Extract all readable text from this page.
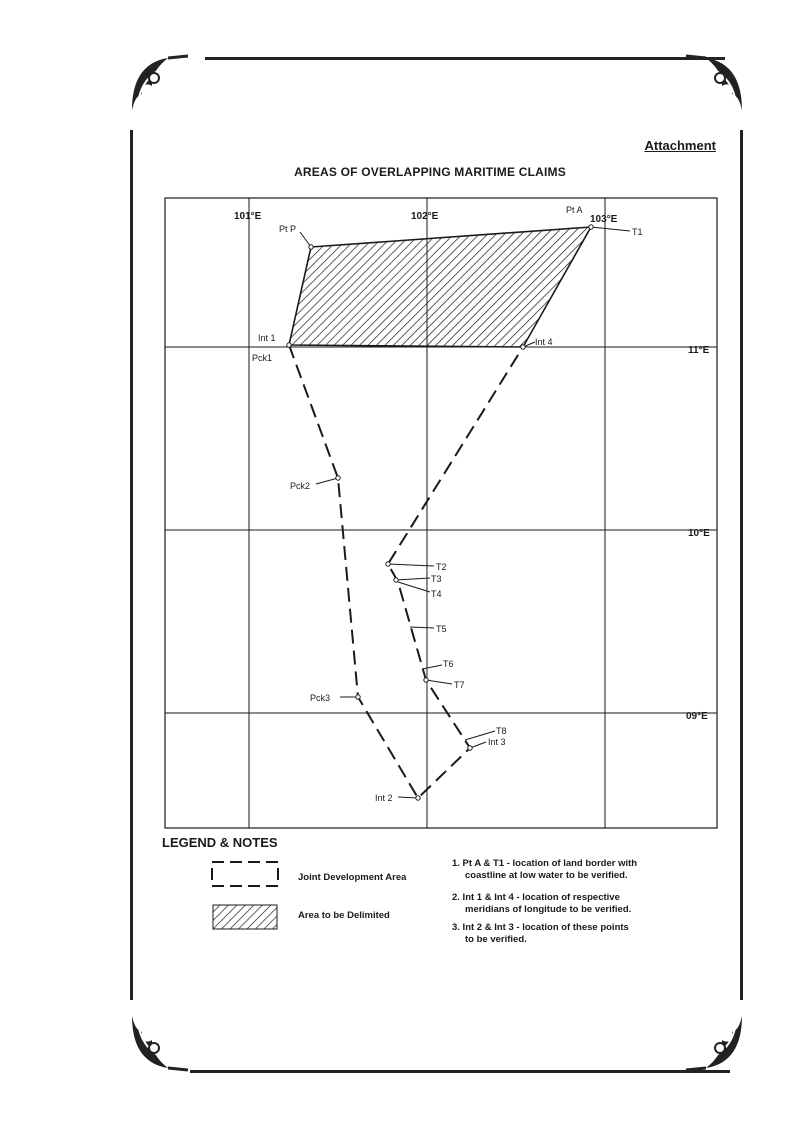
Attachment
AREAS OF OVERLAPPING MARITIME CLAIMS
101°E	102°E	103°E
11°E
10°E
09°E
Pt A
Pt P	T1
Int 1
Pck1
Int 4
Pck2
T2
T3
T4
T5
T6
T7
Pck3
T8
Int 3
Int 2
LEGEND & NOTES
Joint Development Area
Area to be Delimited
1. Pt A & T1 - location of land border with
coastline at low water to be verified.
2. Int 1 & Int 4 - location of respective
meridians of longitude to be verified.
3. Int 2 & Int 3 - location of these points
to be verified.
